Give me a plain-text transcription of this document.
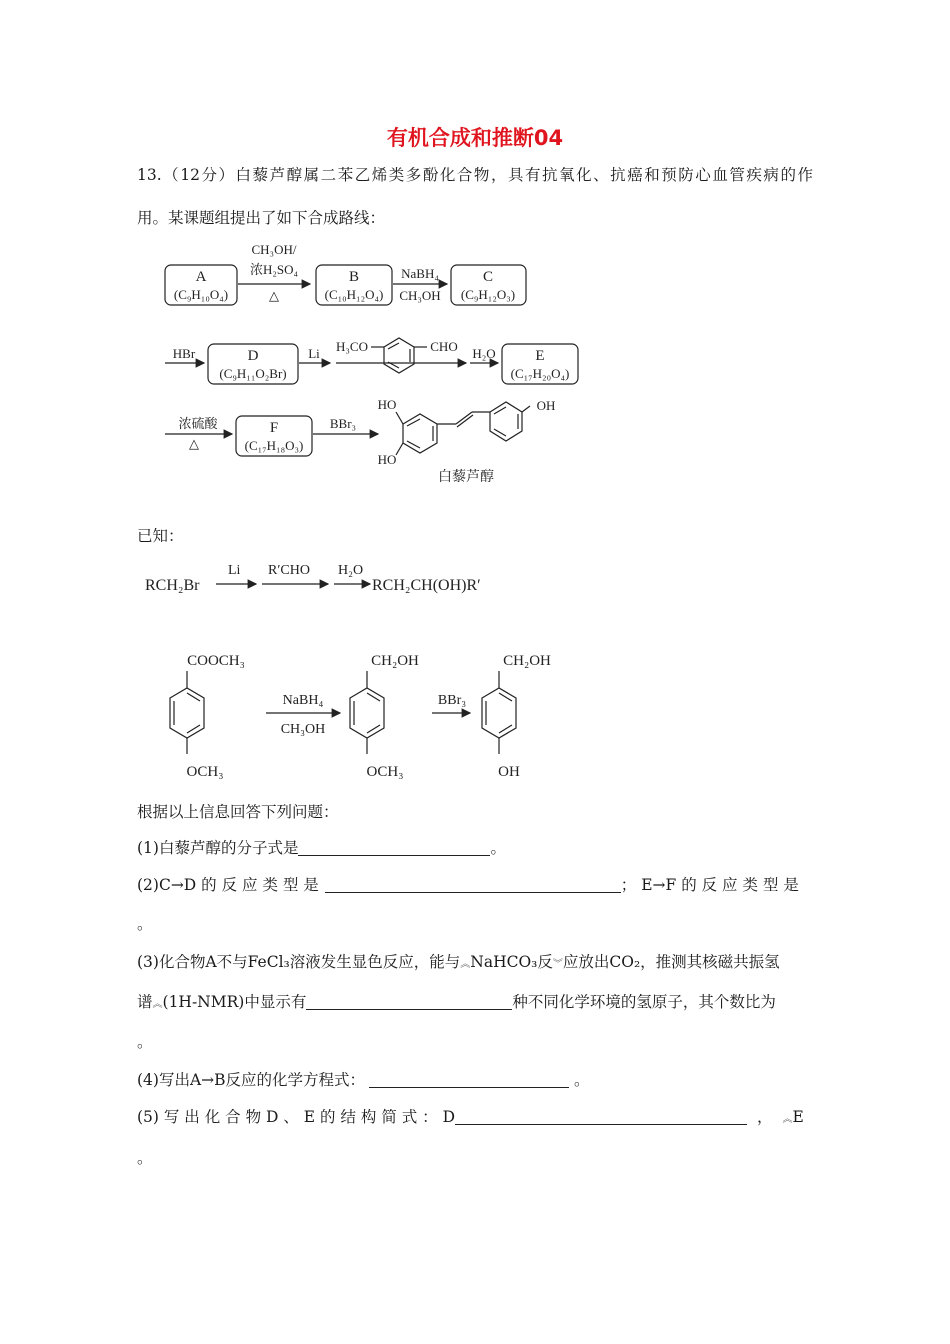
有机合成和推断04
13.（12分）白藜芦醇属二苯乙烯类多酚化合物，具有抗氧化、抗癌和预防心血管疾病的作
用。某课题组提出了如下合成路线：
A
(C₉H₁₀O₄)
B
(C₁₀H₁₂O₄)
C
(C₉H₁₂O₃)
D
(C₉H₁₁O₂Br)
E
(C₁₇H₂₀O₄)
F
(C₁₇H₁₈O₃)
CH₃OH/
浓H₂SO₄
△
NaBH₄
CH₃OH
HBr	Li H₃CO	CHO H₂O
浓硫酸
△
BBr₃
HO
HO
OH
白藜芦醇
已知：
RCH₂Br
Li R′CHO H₂O
RCH₂CH(OH)R′
COOCH₃
OCH₃
NaBH₄
CH₃OH
CH₂OH
OCH₃
BBr₃
CH₂OH
OH
根据以上信息回答下列问题：
(1)白藜芦醇的分子式是	。
(2)C→D 的 反 应 类 型 是	； E→F 的 反 应 类 型 是
。
(3)化合物A不与FeCl₃溶液发生显色反应，能与︽NaHCO₃反︾应放出CO₂，推测其核磁共振氢
谱︽(1H-NMR)中显示有	种不同化学环境的氢原子，其个数比为
。
(4)写出A→B反应的化学方程式：	。
(5) 写 出 化 合 物 D 、 E 的 结 构 简 式 ： D	， ︽E
。
